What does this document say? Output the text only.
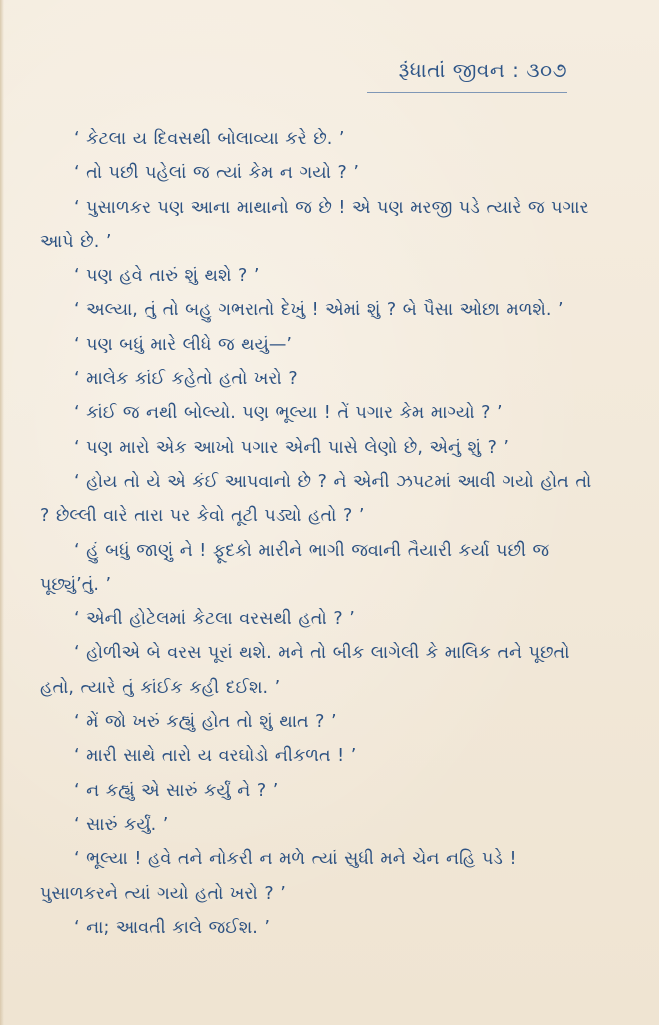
રૂંધાતાં જીવન : ૩૦૭

‘ કેટલા ય દિવસથી બોલાવ્યા કરે છે. ’

‘ તો પછી પહેલાં જ ત્યાં કેમ ન ગયો ? ’

‘ પુસાળકર પણ આના માથાનો જ છે ! એ પણ મરજી પડે ત્યારે જ પગાર આપે છે. ’

‘ પણ હવે તારું શું થશે ? ’

‘ અલ્યા, તું તો બહુ ગભરાતો દેખું ! એમાં શું ? બે પૈસા ઓછા મળશે. ’

‘ પણ બધું મારે લીધે જ થયું—’

‘ માલેક કાંઈ કહેતો હતો ખરો ?

‘ કાંઈ જ નથી બોલ્યો. પણ ભૂલ્યા ! તેં પગાર કેમ માગ્યો ? ’

‘ પણ મારો એક આખો પગાર એની પાસે લેણો છે, એનું શું ? ’

‘ હોય તો યે એ કંઈ આપવાનો છે ? ને એની ઝપટમાં આવી ગયો હોત તો ? છેલ્લી વારે તારા પર કેવો તૂટી પડ્યો હતો ? ’

‘ હું બધું જાણું ને ! ફૂદકો મારીને ભાગી જવાની તૈયારી કર્યા પછી જ પૂછ્યું’તું. ’

‘ એની હોટેલમાં કેટલા વરસથી હતો ? ’

‘ હોળીએ બે વરસ પૂરાં થશે. મને તો બીક લાગેલી કે માલિક તને પૂછતો હતો, ત્યારે તું કાંઈક કહી દઈશ. ’

‘ મેં જો ખરું કહ્યું હોત તો શું થાત ? ’

‘ મારી સાથે તારો ય વરઘોડો નીકળત ! ’

‘ ન કહ્યું એ સારું કર્યું ને ? ’

‘ સારું કર્યું. ’

‘ ભૂલ્યા ! હવે તને નોકરી ન મળે ત્યાં સુધી મને ચેન નહિ પડે ! પુસાળકરને ત્યાં ગયો હતો ખરો ? ’

‘ ના; આવતી કાલે જઈશ. ’
